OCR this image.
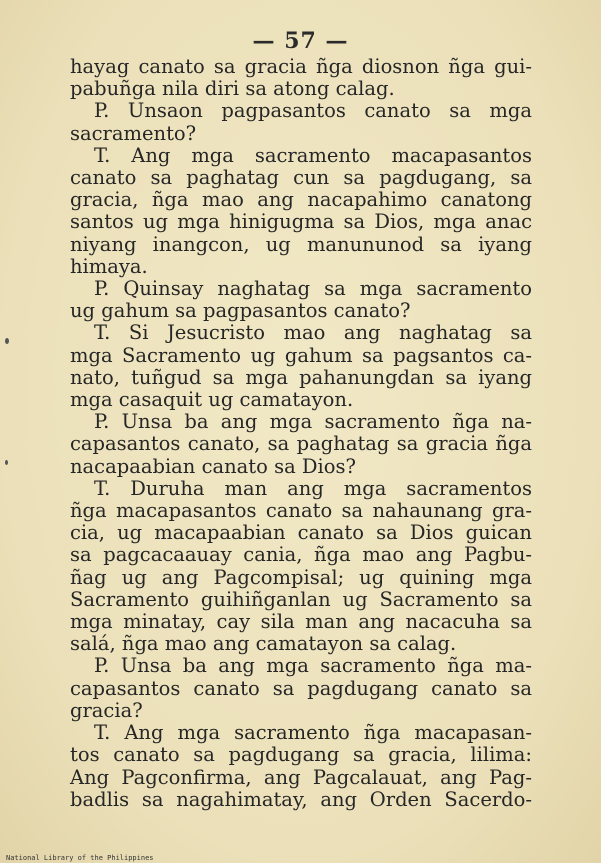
— 57 —
hayag canato sa gracia ñga diosnon ñga gui-
pabuñga nila diri sa atong calag.
P. Unsaon pagpasantos canato sa mga
sacramento?
T. Ang mga sacramento macapasantos
canato sa paghatag cun sa pagdugang, sa
gracia, ñga mao ang nacapahimo canatong
santos ug mga hinigugma sa Dios, mga anac
niyang inangcon, ug manununod sa iyang
himaya.
P. Quinsay naghatag sa mga sacramento
ug gahum sa pagpasantos canato?
T. Si Jesucristo mao ang naghatag sa
mga Sacramento ug gahum sa pagsantos ca-
nato, tuñgud sa mga pahanungdan sa iyang
mga casaquit ug camatayon.
P. Unsa ba ang mga sacramento ñga na-
capasantos canato, sa paghatag sa gracia ñga
nacapaabian canato sa Dios?
T. Duruha man ang mga sacramentos
ñga macapasantos canato sa nahaunang gra-
cia, ug macapaabian canato sa Dios guican
sa pagcacaauay cania, ñga mao ang Pagbu-
ñag ug ang Pagcompisal; ug quining mga
Sacramento guihiñganlan ug Sacramento sa
mga minatay, cay sila man ang nacacuha sa
salá, ñga mao ang camatayon sa calag.
P. Unsa ba ang mga sacramento ñga ma-
capasantos canato sa pagdugang canato sa
gracia?
T. Ang mga sacramento ñga macapasan-
tos canato sa pagdugang sa gracia, lilima:
Ang Pagconfirma, ang Pagcalauat, ang Pag-
badlis sa nagahimatay, ang Orden Sacerdo-
National Library of the Philippines
